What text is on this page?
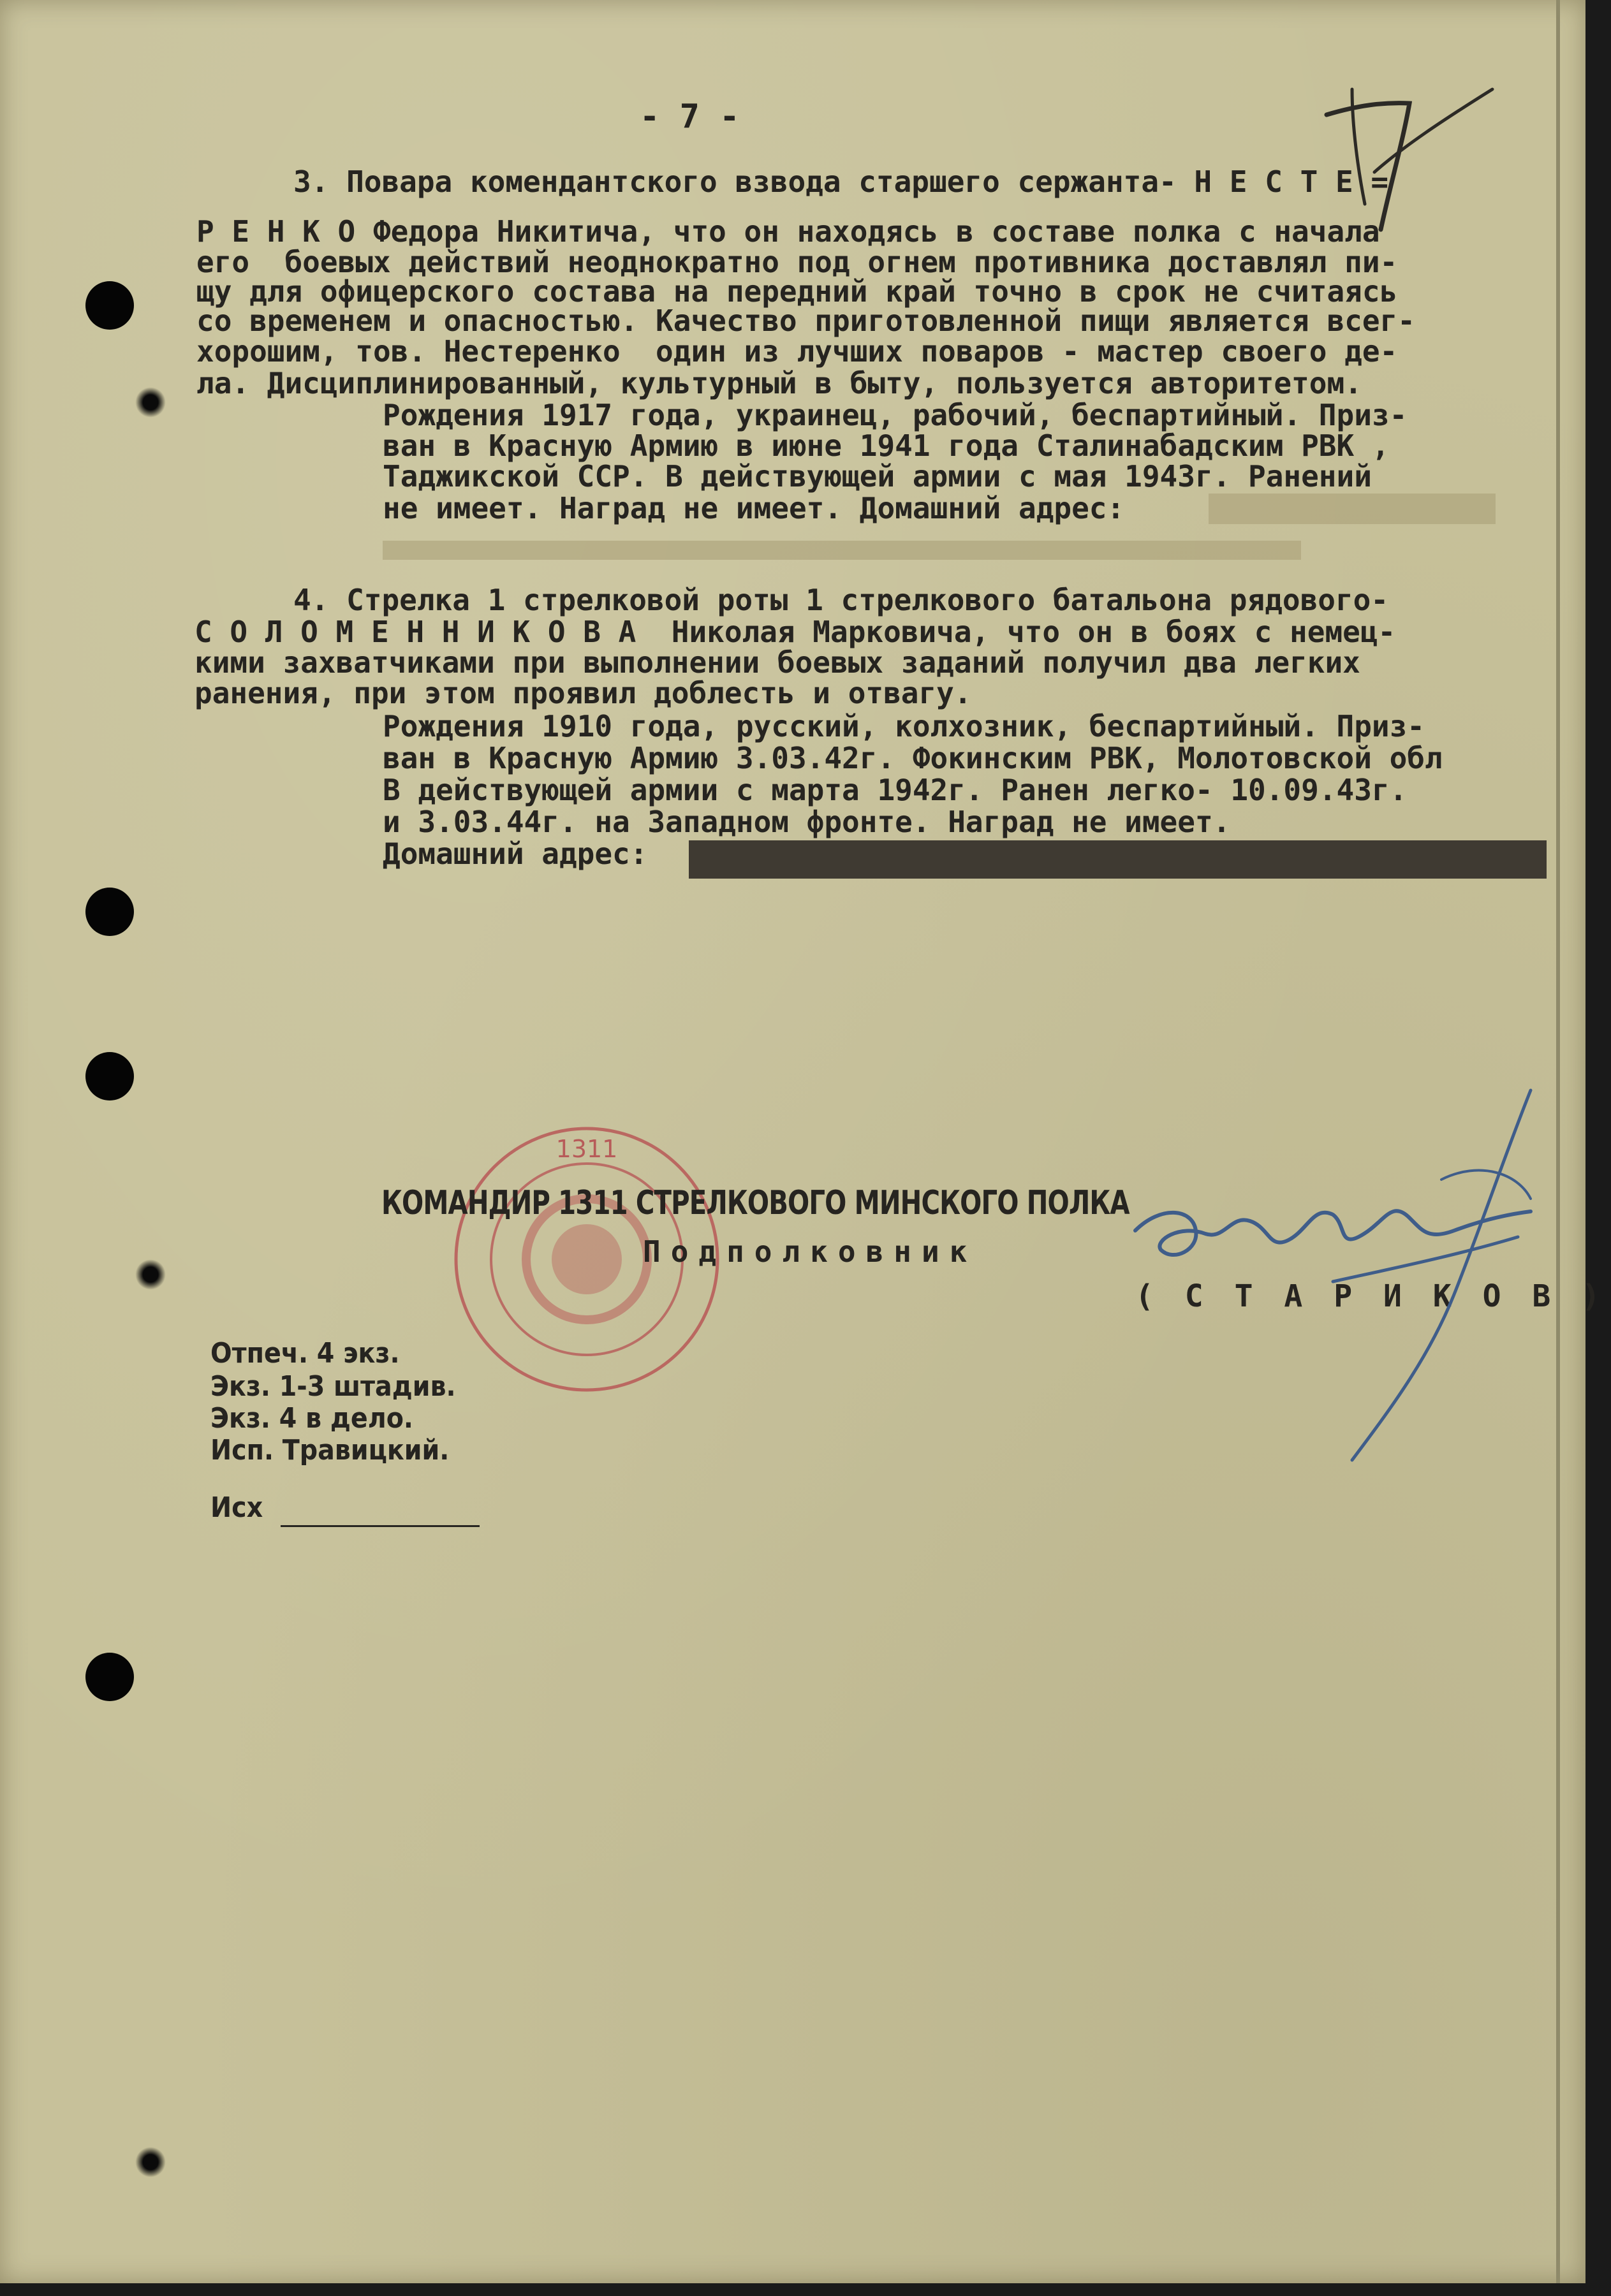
- 7 -
3. Повара комендантского взвода старшего сержанта- Н Е С Т Е =
Р Е Н К О Федора Никитича, что он находясь в составе полка с начала
его  боевых действий неоднократно под огнем противника доставлял пи-
щу для офицерского состава на передний край точно в срок не считаясь
со временем и опасностью. Качество приготовленной пищи является всег-
хорошим, тов. Нестеренко  один из лучших поваров - мастер своего де-
ла. Дисциплинированный, культурный в быту, пользуется авторитетом.
Рождения 1917 года, украинец, рабочий, беспартийный. Приз-
ван в Красную Армию в июне 1941 года Сталинабадским РВК ,
Таджикской ССР. В действующей армии с мая 1943г. Ранений
не имеет. Наград не имеет. Домашний адрес:
4. Стрелка 1 стрелковой роты 1 стрелкового батальона рядового-
С О Л О М Е Н Н И К О В А  Николая Марковича, что он в боях с немец-
кими захватчиками при выполнении боевых заданий получил два легких
ранения, при этом проявил доблесть и отвагу.
Рождения 1910 года, русский, колхозник, беспартийный. Приз-
ван в Красную Армию 3.03.42г. Фокинским РВК, Молотовской обл
В действующей армии с марта 1942г. Ранен легко- 10.09.43г.
и 3.03.44г. на Западном фронте. Наград не имеет.
Домашний адрес:
1311
КОМАНДИР 1311 СТРЕЛКОВОГО МИНСКОГО ПОЛКА
Подполковник
( С Т А Р И К О В )
Отпеч. 4 экз.
Экз. 1-3 штадив.
Экз. 4 в дело.
Исп. Травицкий.
Исх
